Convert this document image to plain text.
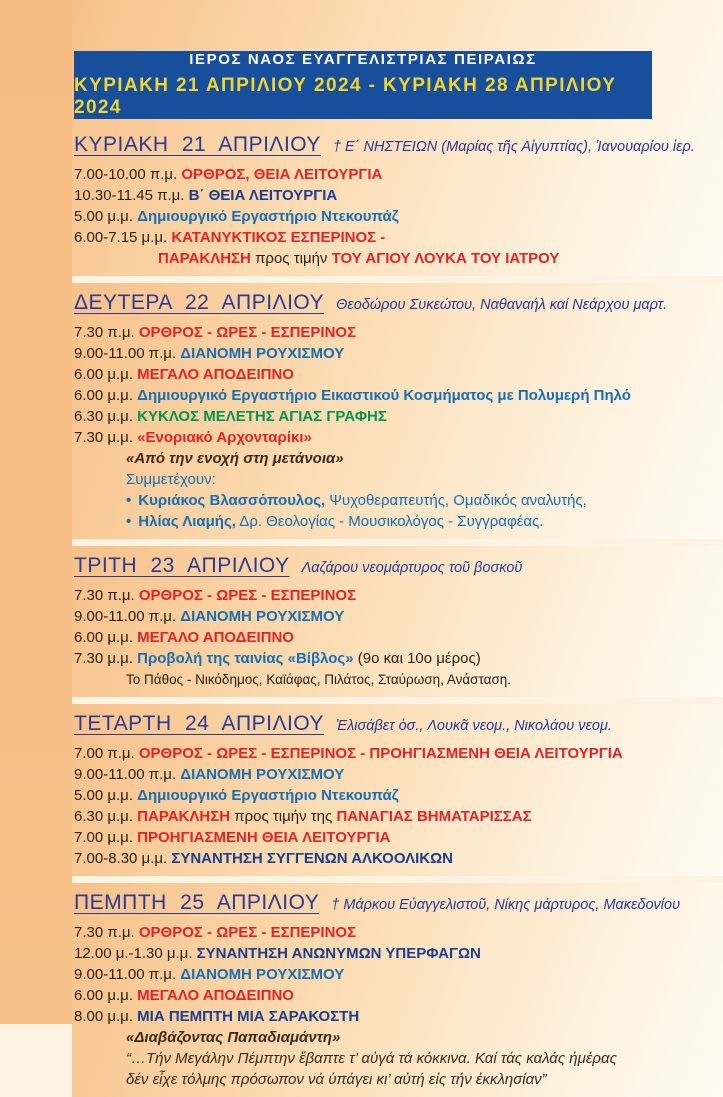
ΙΕΡΟΣ ΝΑΟΣ ΕΥΑΓΓΕΛΙΣΤΡΙΑΣ ΠΕΙΡΑΙΩΣ
ΚΥΡΙΑΚΗ 21 ΑΠΡΙΛΙΟΥ 2024 - ΚΥΡΙΑΚΗ 28 ΑΠΡΙΛΙΟΥ 2024
ΚΥΡΙΑΚΗ 21 ΑΠΡΙΛΙΟΥ † Ε΄ ΝΗΣΤΕΙΩΝ (Μαρίας τῆς Αἰγυπτίας), Ἰανουαρίου ἱερ.
7.00-10.00 π.μ. ΟΡΘΡΟΣ, ΘΕΙΑ ΛΕΙΤΟΥΡΓΙΑ
10.30-11.45 π.μ. Β΄ ΘΕΙΑ ΛΕΙΤΟΥΡΓΙΑ
5.00 μ.μ. Δημιουργικό Εργαστήριο Ντεκουπάζ
6.00-7.15 μ.μ. ΚΑΤΑΝΥΚΤΙΚΟΣ ΕΣΠΕΡΙΝΟΣ -
ΠΑΡΑΚΛΗΣΗ προς τιμήν ΤΟΥ ΑΓΙΟΥ ΛΟΥΚΑ ΤΟΥ ΙΑΤΡΟΥ
ΔΕΥΤΕΡΑ 22 ΑΠΡΙΛΙΟΥ Θεοδώρου Συκεώτου, Ναθαναήλ καί Νεάρχου μαρτ.
7.30 π.μ. ΟΡΘΡΟΣ - ΩΡΕΣ - ΕΣΠΕΡΙΝΟΣ
9.00-11.00 π.μ. ΔΙΑΝΟΜΗ ΡΟΥΧΙΣΜΟΥ
6.00 μ.μ. ΜΕΓΑΛΟ ΑΠΟΔΕΙΠΝΟ
6.00 μ.μ. Δημιουργικό Εργαστήριο Εικαστικού Κοσμήματος με Πολυμερή Πηλό
6.30 μ.μ. ΚΥΚΛΟΣ ΜΕΛΕΤΗΣ ΑΓΙΑΣ ΓΡΑΦΗΣ
7.30 μ.μ. «Ενοριακό Αρχονταρίκι»
«Από την ενοχή στη μετάνοια»
Συμμετέχουν:
• Κυριάκος Βλασσόπουλος, Ψυχοθεραπευτής, Ομαδικός αναλυτής,
• Ηλίας Λιαμής, Δρ. Θεολογίας - Μουσικολόγος - Συγγραφέας.
ΤΡΙΤΗ 23 ΑΠΡΙΛΙΟΥ Λαζάρου νεομάρτυρος τοῦ βοσκοῦ
7.30 π.μ. ΟΡΘΡΟΣ - ΩΡΕΣ - ΕΣΠΕΡΙΝΟΣ
9.00-11.00 π.μ. ΔΙΑΝΟΜΗ ΡΟΥΧΙΣΜΟΥ
6.00 μ.μ. ΜΕΓΑΛΟ ΑΠΟΔΕΙΠΝΟ
7.30 μ.μ. Προβολή της ταινίας «Βίβλος» (9ο και 10ο μέρος)
Το Πάθος - Νικόδημος, Καϊάφας, Πιλάτος, Σταύρωση, Ανάσταση.
ΤΕΤΑΡΤΗ 24 ΑΠΡΙΛΙΟΥ Ἑλισάβετ ὁσ., Λουκᾶ νεομ., Νικολάου νεομ.
7.00 π.μ. ΟΡΘΡΟΣ - ΩΡΕΣ - ΕΣΠΕΡΙΝΟΣ - ΠΡΟΗΓΙΑΣΜΕΝΗ ΘΕΙΑ ΛΕΙΤΟΥΡΓΙΑ
9.00-11.00 π.μ. ΔΙΑΝΟΜΗ ΡΟΥΧΙΣΜΟΥ
5.00 μ.μ. Δημιουργικό Εργαστήριο Ντεκουπάζ
6.30 μ.μ. ΠΑΡΑΚΛΗΣΗ προς τιμήν της ΠΑΝΑΓΙΑΣ ΒΗΜΑΤΑΡΙΣΣΑΣ
7.00 μ.μ. ΠΡΟΗΓΙΑΣΜΕΝΗ ΘΕΙΑ ΛΕΙΤΟΥΡΓΙΑ
7.00-8.30 μ.μ. ΣΥΝΑΝΤΗΣΗ ΣΥΓΓΕΝΩΝ ΑΛΚΟΟΛΙΚΩΝ
ΠΕΜΠΤΗ 25 ΑΠΡΙΛΙΟΥ † Μάρκου Εὐαγγελιστοῦ, Νίκης μάρτυρος, Μακεδονίου
7.30 π.μ. ΟΡΘΡΟΣ - ΩΡΕΣ - ΕΣΠΕΡΙΝΟΣ
12.00 μ.-1.30 μ.μ. ΣΥΝΑΝΤΗΣΗ ΑΝΩΝΥΜΩΝ ΥΠΕΡΦΑΓΩΝ
9.00-11.00 π.μ. ΔΙΑΝΟΜΗ ΡΟΥΧΙΣΜΟΥ
6.00 μ.μ. ΜΕΓΑΛΟ ΑΠΟΔΕΙΠΝΟ
8.00 μ.μ. ΜΙΑ ΠΕΜΠΤΗ ΜΙΑ ΣΑΡΑΚΟΣΤΗ
«Διαβάζοντας Παπαδιαμάντη»
“…Τήν Μεγάλην Πέμπτην ἔβαπτε τ’ αὐγά τά κόκκινα. Καί τάς καλάς ἡμέρας
δέν εἶχε τόλμης πρόσωπον νά ὑπάγει κι’ αὐτή εἰς τήν ἐκκλησίαν”
